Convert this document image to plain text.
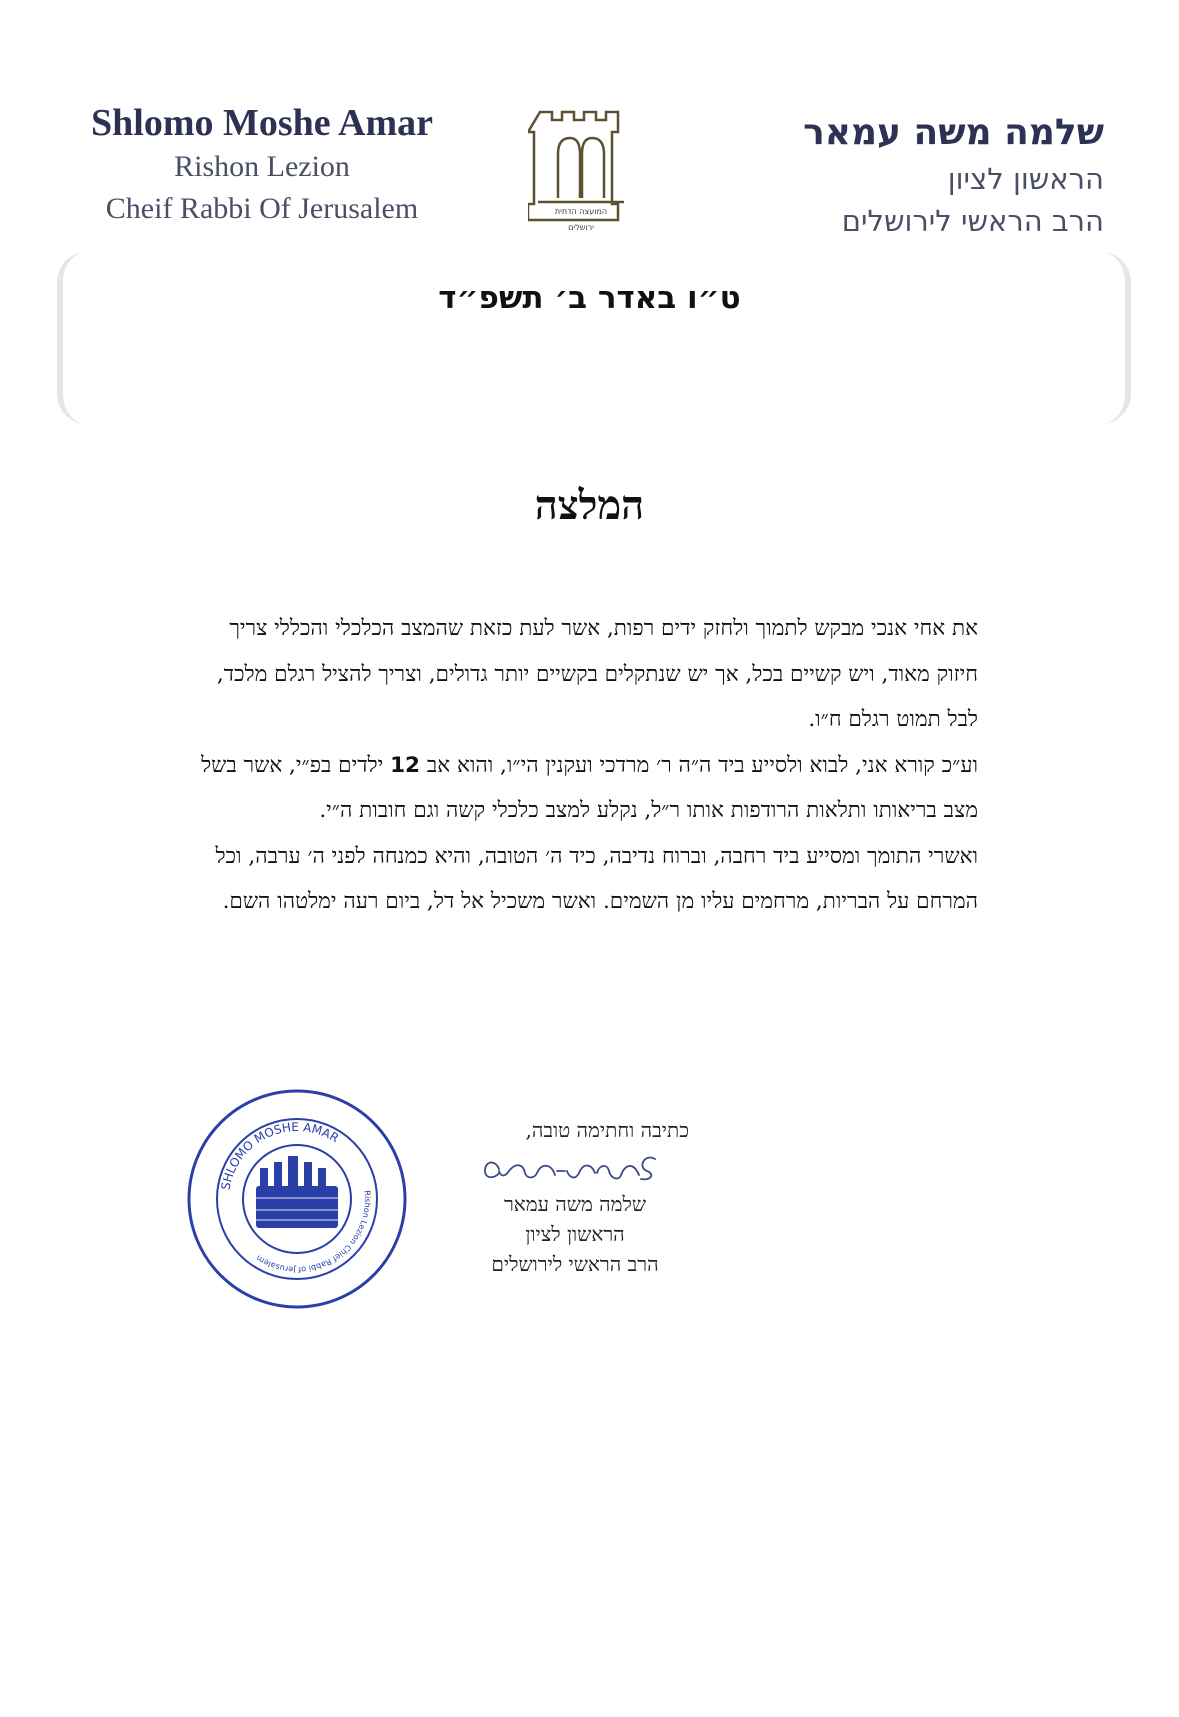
Shlomo Moshe Amar
Rishon Lezion
Cheif Rabbi Of Jerusalem	המועצה הדתית
ירושלים
שלמה משה עמאר
הראשון לציון
הרב הראשי לירושלים
ט״ו באדר ב׳ תשפ״ד
המלצה

את אחי אנכי מבקש לתמוך ולחזק ידים רפות, אשר לעת כזאת שהמצב הכלכלי והכללי צריך חיזוק מאוד, ויש קשיים בכל, אך יש שנתקלים בקשיים יותר גדולים, וצריך להציל רגלם מלכד, לבל תמוט רגלם ח״ו.

וע״כ קורא אני, לבוא ולסייע ביד ה״ה ר׳ מרדכי ועקנין הי״ו, והוא אב 12 ילדים בפ״י, אשר בשל מצב בריאותו ותלאות הרודפות אותו ר״ל, נקלע למצב כלכלי קשה וגם חובות ה״י.

ואשרי התומך ומסייע ביד רחבה, וברוח נדיבה, כיד ה׳ הטובה, והיא כמנחה לפני ה׳ ערבה, וכל המרחם על הבריות, מרחמים עליו מן השמים. ואשר משכיל אל דל, ביום רעה ימלטהו השם.

SHLOMO MOSHE AMAR
Rishon Lezion Chief Rabbi of Jerusalem
כתיבה וחתימה טובה,
שלמה משה עמאר
הראשון לציון
הרב הראשי לירושלים
